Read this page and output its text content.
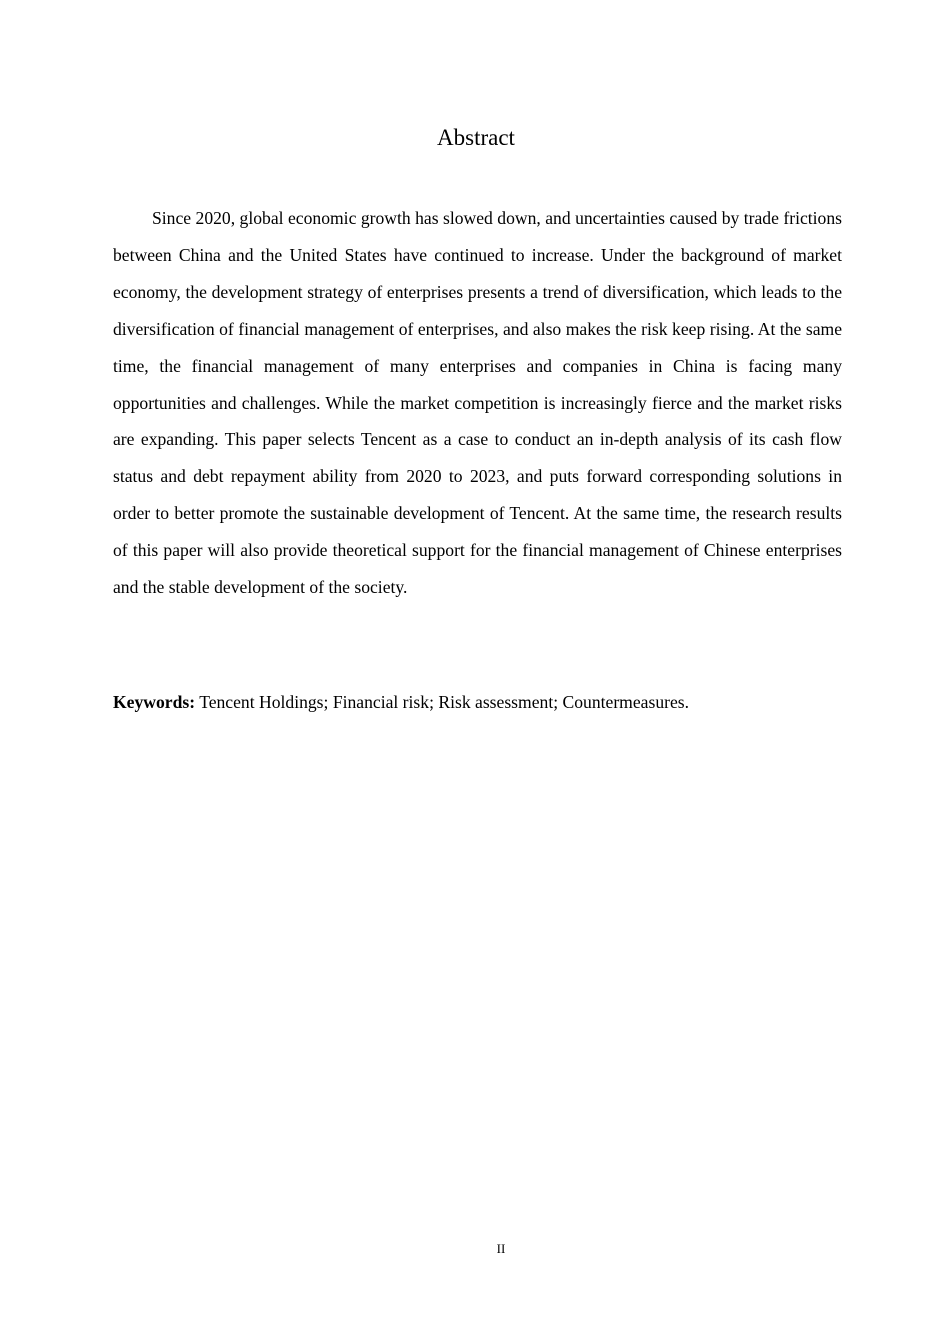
Abstract

Since 2020, global economic growth has slowed down, and uncertainties caused by trade frictions between China and the United States have continued to increase. Under the background of market economy, the development strategy of enterprises presents a trend of diversification, which leads to the diversification of financial management of enterprises, and also makes the risk keep rising. At the same time, the financial management of many enterprises and companies in China is facing many opportunities and challenges. While the market competition is increasingly fierce and the market risks are expanding. This paper selects Tencent as a case to conduct an in-depth analysis of its cash flow status and debt repayment ability from 2020 to 2023, and puts forward corresponding solutions in order to better promote the sustainable development of Tencent. At the same time, the research results of this paper will also provide theoretical support for the financial management of Chinese enterprises and the stable development of the society.

Keywords: Tencent Holdings; Financial risk; Risk assessment; Countermeasures.

II
